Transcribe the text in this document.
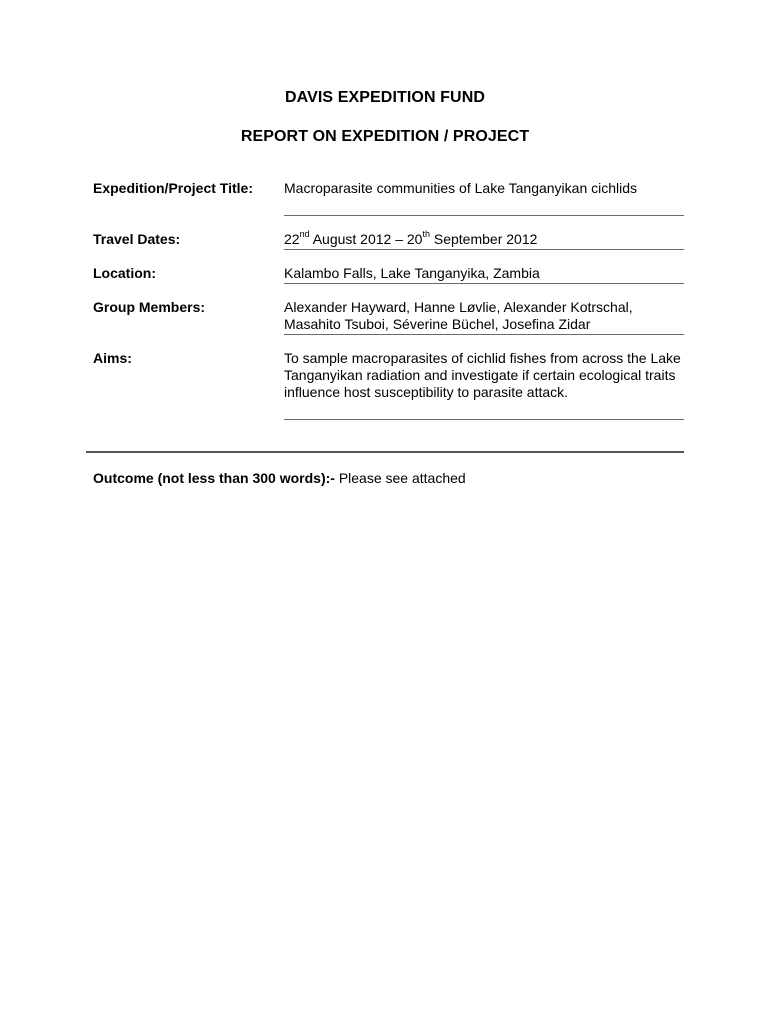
DAVIS EXPEDITION FUND
REPORT ON EXPEDITION / PROJECT
Expedition/Project Title: Macroparasite communities of Lake Tanganyikan cichlids
Travel Dates:	22nd August 2012 – 20th September 2012
Location:	Kalambo Falls, Lake Tanganyika, Zambia
Group Members:	Alexander Hayward, Hanne Løvlie, Alexander Kotrschal, Masahito Tsuboi, Séverine Büchel, Josefina Zidar
Aims:	To sample macroparasites of cichlid fishes from across the Lake Tanganyikan radiation and investigate if certain ecological traits influence host susceptibility to parasite attack.
Outcome (not less than 300 words):- Please see attached
